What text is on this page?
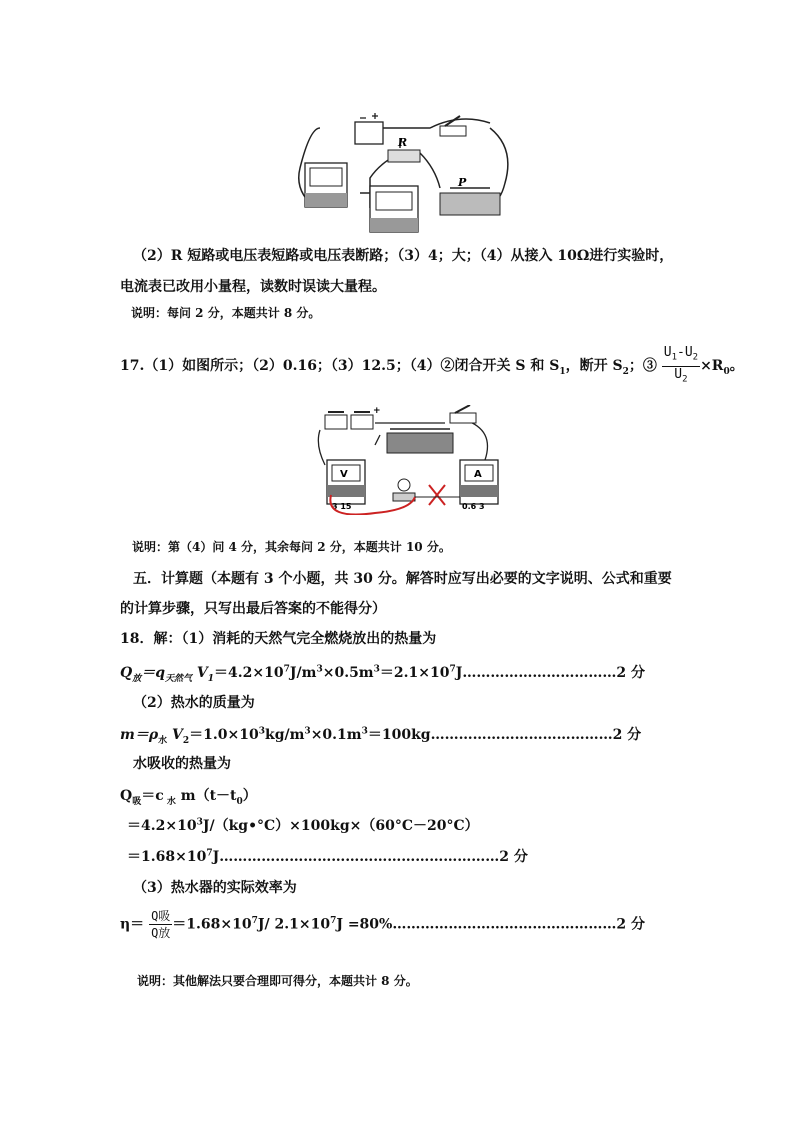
R
P
（2）R 短路或电压表短路或电压表断路；（3）4；大；（4）从接入 10Ω进行实验时，
电流表已改用小量程，读数时误读大量程。
说明：每问 2 分，本题共计 8 分。
17.（1）如图所示；（2）0.16；（3）12.5；（4）②闭合开关 S 和 $S_1$，断开 $S_2$；③ $\frac{U_1-U_2}{U_2} \times R_0$。
+
V
3 15
A
0.6 3
说明：第（4）问 4 分，其余每问 2 分，本题共计 10 分。
五．计算题（本题有 3 个小题，共 30 分。解答时应写出必要的文字说明、公式和重要
的计算步骤，只写出最后答案的不能得分）
18．解：（1）消耗的天然气完全燃烧放出的热量为
$Q_放=q_{天然气}$ $V_1=4.2\times 10^7J/m^3\times 0.5m^3=2.1\times 10^7J\dots\dots\dots\dots\dots\dots\dots\dots\dots\dots\dots 2$ 分
（2）热水的质量为
$m=\rho_水$ $V_2=1.0\times 10^3kg/m^3\times 0.1m^3=100kg\dots\dots\dots\dots\dots\dots\dots\dots\dots\dots\dots\dots\dots 2$ 分
水吸收的热量为
$Q_吸=c$ $_水$ $m(t-t_0)$
$=4.2\times 10^3J/(kg•^\circ C)\times 100kg\times(60^\circ C-20^\circ C)$
$=1.68\times 10^7J\dots\dots\dots\dots\dots\dots\dots\dots\dots\dots\dots\dots\dots\dots\dots\dots\dots\dots\dots\dots 2$ 分
（3）热水器的实际效率为
$\eta= \frac{\text{Q吸}}{\text{Q放}} =1.68\times 10^7J/$ $2.1\times 10^7J$ =80%…………………………………………2 分
说明：其他解法只要合理即可得分，本题共计 8 分。
